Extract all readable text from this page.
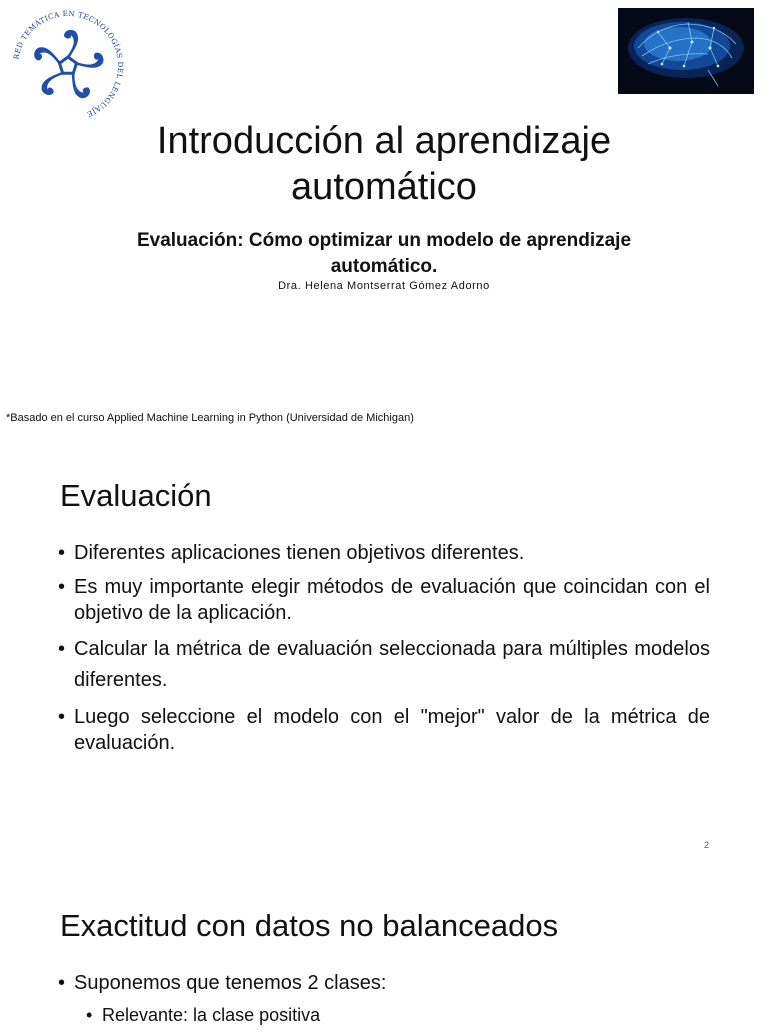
RED TEMÁTICA EN TECNOLOGÍAS DEL LENGUAJE
Introducción al aprendizaje
automático
Evaluación: Cómo optimizar un modelo de aprendizaje
automático.
Dra. Helena Montserrat Gómez Adorno
*Basado en el curso Applied Machine Learning in Python (Universidad de Michigan)
Evaluación
• Diferentes aplicaciones tienen objetivos diferentes.
• Es muy importante elegir métodos de evaluación que coincidan con el objetivo de la aplicación.
• Calcular la métrica de evaluación seleccionada para múltiples modelos diferentes.
• Luego seleccione el modelo con el "mejor" valor de la métrica de evaluación.
2
Exactitud con datos no balanceados
• Suponemos que tenemos 2 clases:
• Relevante: la clase positiva
